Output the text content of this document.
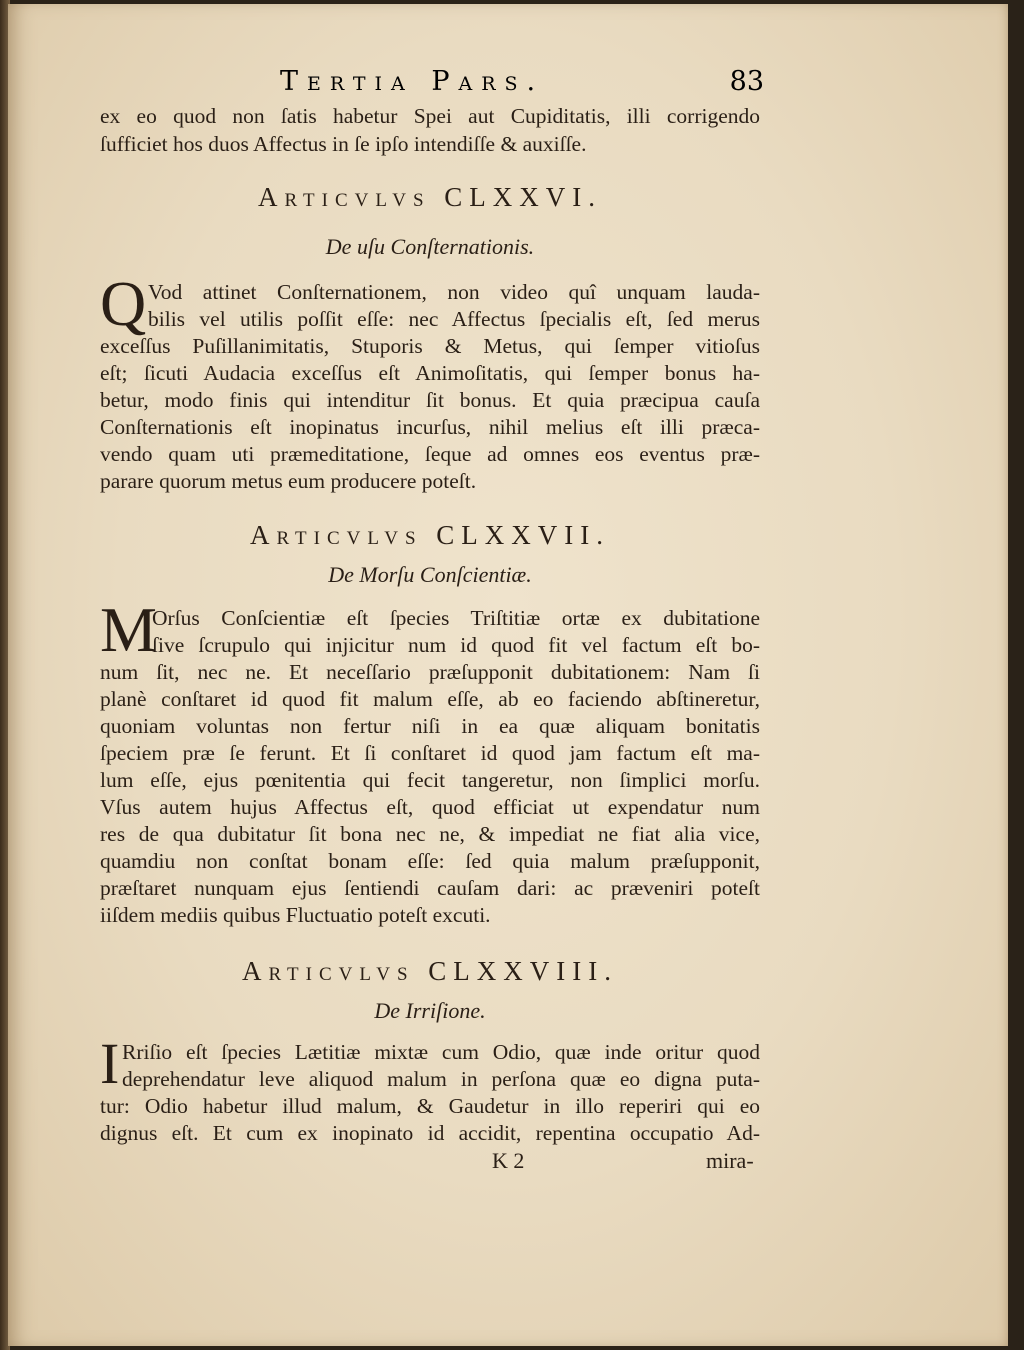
Tertia Pars.	83
ex eo quod non ſatis habetur Spei aut Cupiditatis, illi corrigendo
ſufficiet hos duos Affectus in ſe ipſo intendiſſe & auxiſſe.
Articvlvs CLXXVI.
De uſu Conſternationis.
Q Vod attinet Conſternationem, non video quî unquam lauda-
bilis vel utilis poſſit eſſe: nec Affectus ſpecialis eſt, ſed merus
exceſſus Puſillanimitatis, Stuporis & Metus, qui ſemper vitioſus
eſt; ſicuti Audacia exceſſus eſt Animoſitatis, qui ſemper bonus ha-
betur, modo finis qui intenditur ſit bonus. Et quia præcipua cauſa
Conſternationis eſt inopinatus incurſus, nihil melius eſt illi præca-
vendo quam uti præmeditatione, ſeque ad omnes eos eventus præ-
parare quorum metus eum producere poteſt.
Articvlvs CLXXVII.
De Morſu Conſcientiæ.
M
Orſus Conſcientiæ eſt ſpecies Triſtitiæ ortæ ex dubitatione
ſive ſcrupulo qui injicitur num id quod fit vel factum eſt bo-
num ſit, nec ne. Et neceſſario præſupponit dubitationem: Nam ſi
planè conſtaret id quod fit malum eſſe, ab eo faciendo abſtineretur,
quoniam voluntas non fertur niſi in ea quæ aliquam bonitatis
ſpeciem præ ſe ferunt. Et ſi conſtaret id quod jam factum eſt ma-
lum eſſe, ejus pœnitentia qui fecit tangeretur, non ſimplici morſu.
Vſus autem hujus Affectus eſt, quod efficiat ut expendatur num
res de qua dubitatur ſit bona nec ne, & impediat ne fiat alia vice,
quamdiu non conſtat bonam eſſe: ſed quia malum præſupponit,
præſtaret nunquam ejus ſentiendi cauſam dari: ac præveniri poteſt
iiſdem mediis quibus Fluctuatio poteſt excuti.
Articvlvs CLXXVIII.
De Irriſione.
I Rriſio eſt ſpecies Lætitiæ mixtæ cum Odio, quæ inde oritur quod
deprehendatur leve aliquod malum in perſona quæ eo digna puta-
tur: Odio habetur illud malum, & Gaudetur in illo reperiri qui eo
dignus eſt. Et cum ex inopinato id accidit, repentina occupatio Ad-
K 2	mira-
